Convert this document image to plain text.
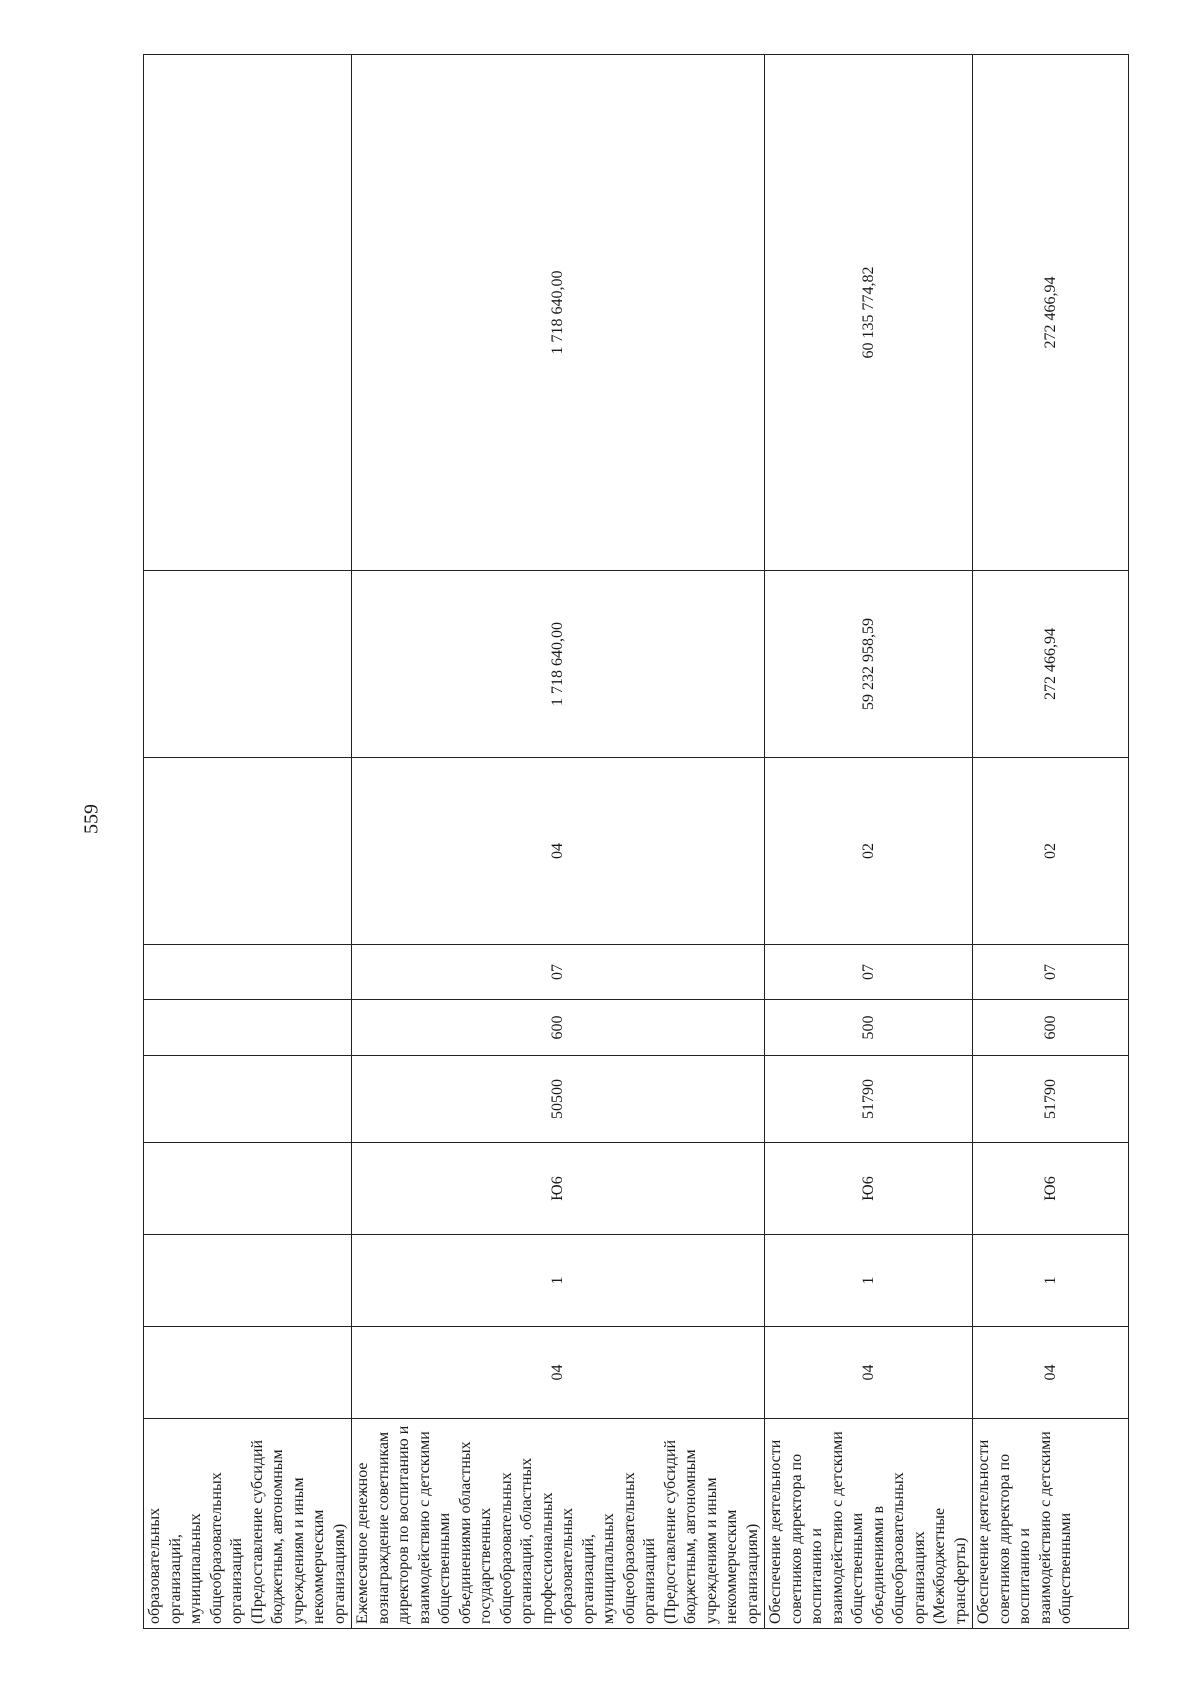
559
образовательных организаций, муниципальных общеобразовательных организаций (Предоставление субсидий бюджетным, автономным учреждениям и иным некоммерческим организациям)										
Ежемесячное денежное вознаграждение советникам директоров по воспитанию и взаимодействию с детскими общественными объединениями областных государственных общеобразовательных организаций, областных профессиональных образовательных организаций, муниципальных общеобразовательных организаций (Предоставление субсидий бюджетным, автономным учреждениям и иным некоммерческим организациям)	04	1	Ю6	50500	600	07	04	1 718 640,00	1 718 640,00	
Обеспечение деятельности советников директора по воспитанию и взаимодействию с детскими общественными объединениями в общеобразовательных организациях (Межбюджетные трансферты)	04	1	Ю6	51790	500	07	02	59 232 958,59	60 135 774,82	
Обеспечение деятельности советников директора по воспитанию и взаимодействию с детскими общественными	04	1	Ю6	51790	600	07	02	272 466,94	272 466,94	
